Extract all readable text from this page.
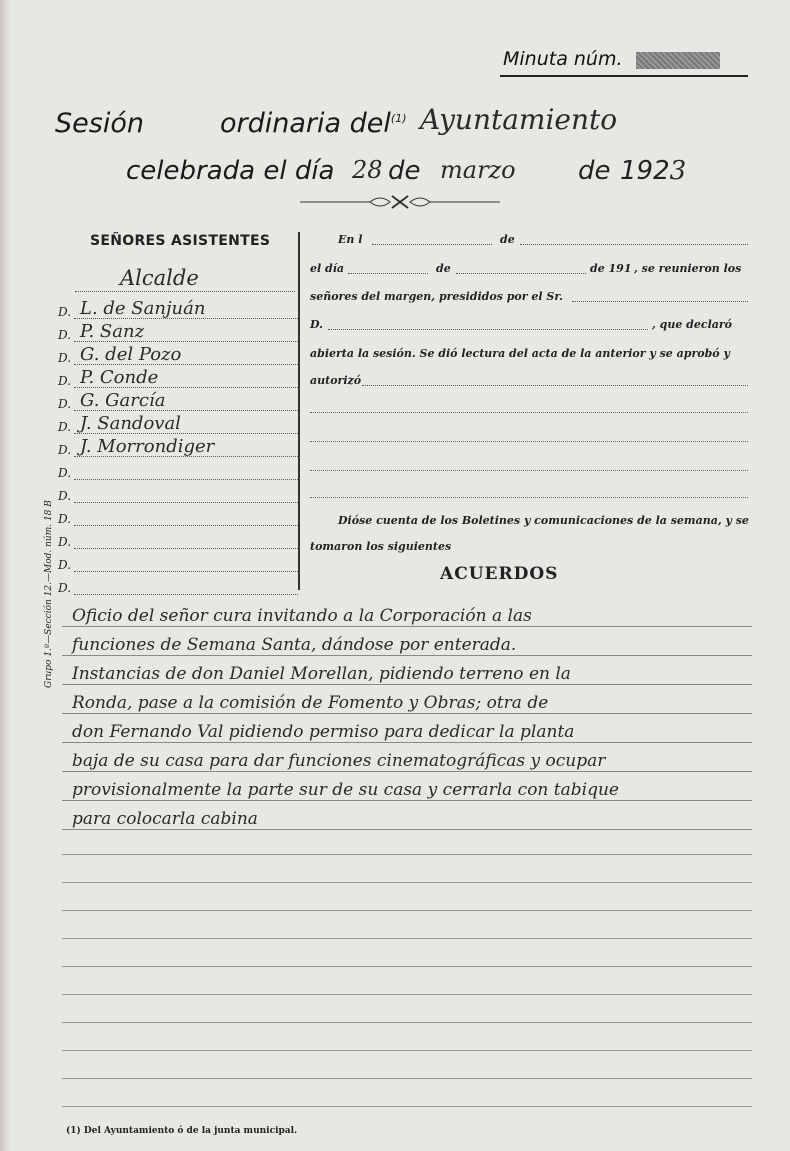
Minuta núm.
Sesión	ordinaria del$^{(1)}$ Ayuntamiento
celebrada el día 28 de marzo de 1923
SEÑORES ASISTENTES
Alcalde
D. L. de Sanjuán
D. P. Sanz
D. G. del Pozo
D. P. Conde
D. G. García
D. J. Sandoval
D. J. Morrondiger
D.
D.
D.
D.
D.
D.
Grupo 1.º—Sección 12.—Mod. núm. 18 B
En l	de
el día	de	de 191 , se reunieron los
señores del margen, presididos por el Sr.
D.	, que declaró
abierta la sesión. Se dió lectura del acta de la anterior y se aprobó y
autorizó
Dióse cuenta de los Boletines y comunicaciones de la semana, y se
tomaron los siguientes
ACUERDOS
Oficio del señor cura invitando a la Corporación a las
funciones de Semana Santa, dándose por enterada.
Instancias de don Daniel Morellan, pidiendo terreno en la
Ronda, pase a la comisión de Fomento y Obras; otra de
don Fernando Val pidiendo permiso para dedicar la planta
baja de su casa para dar funciones cinematográficas y ocupar
provisionalmente la parte sur de su casa y cerrarla con tabique
para colocarla cabina
(1) Del Ayuntamiento ó de la junta municipal.
